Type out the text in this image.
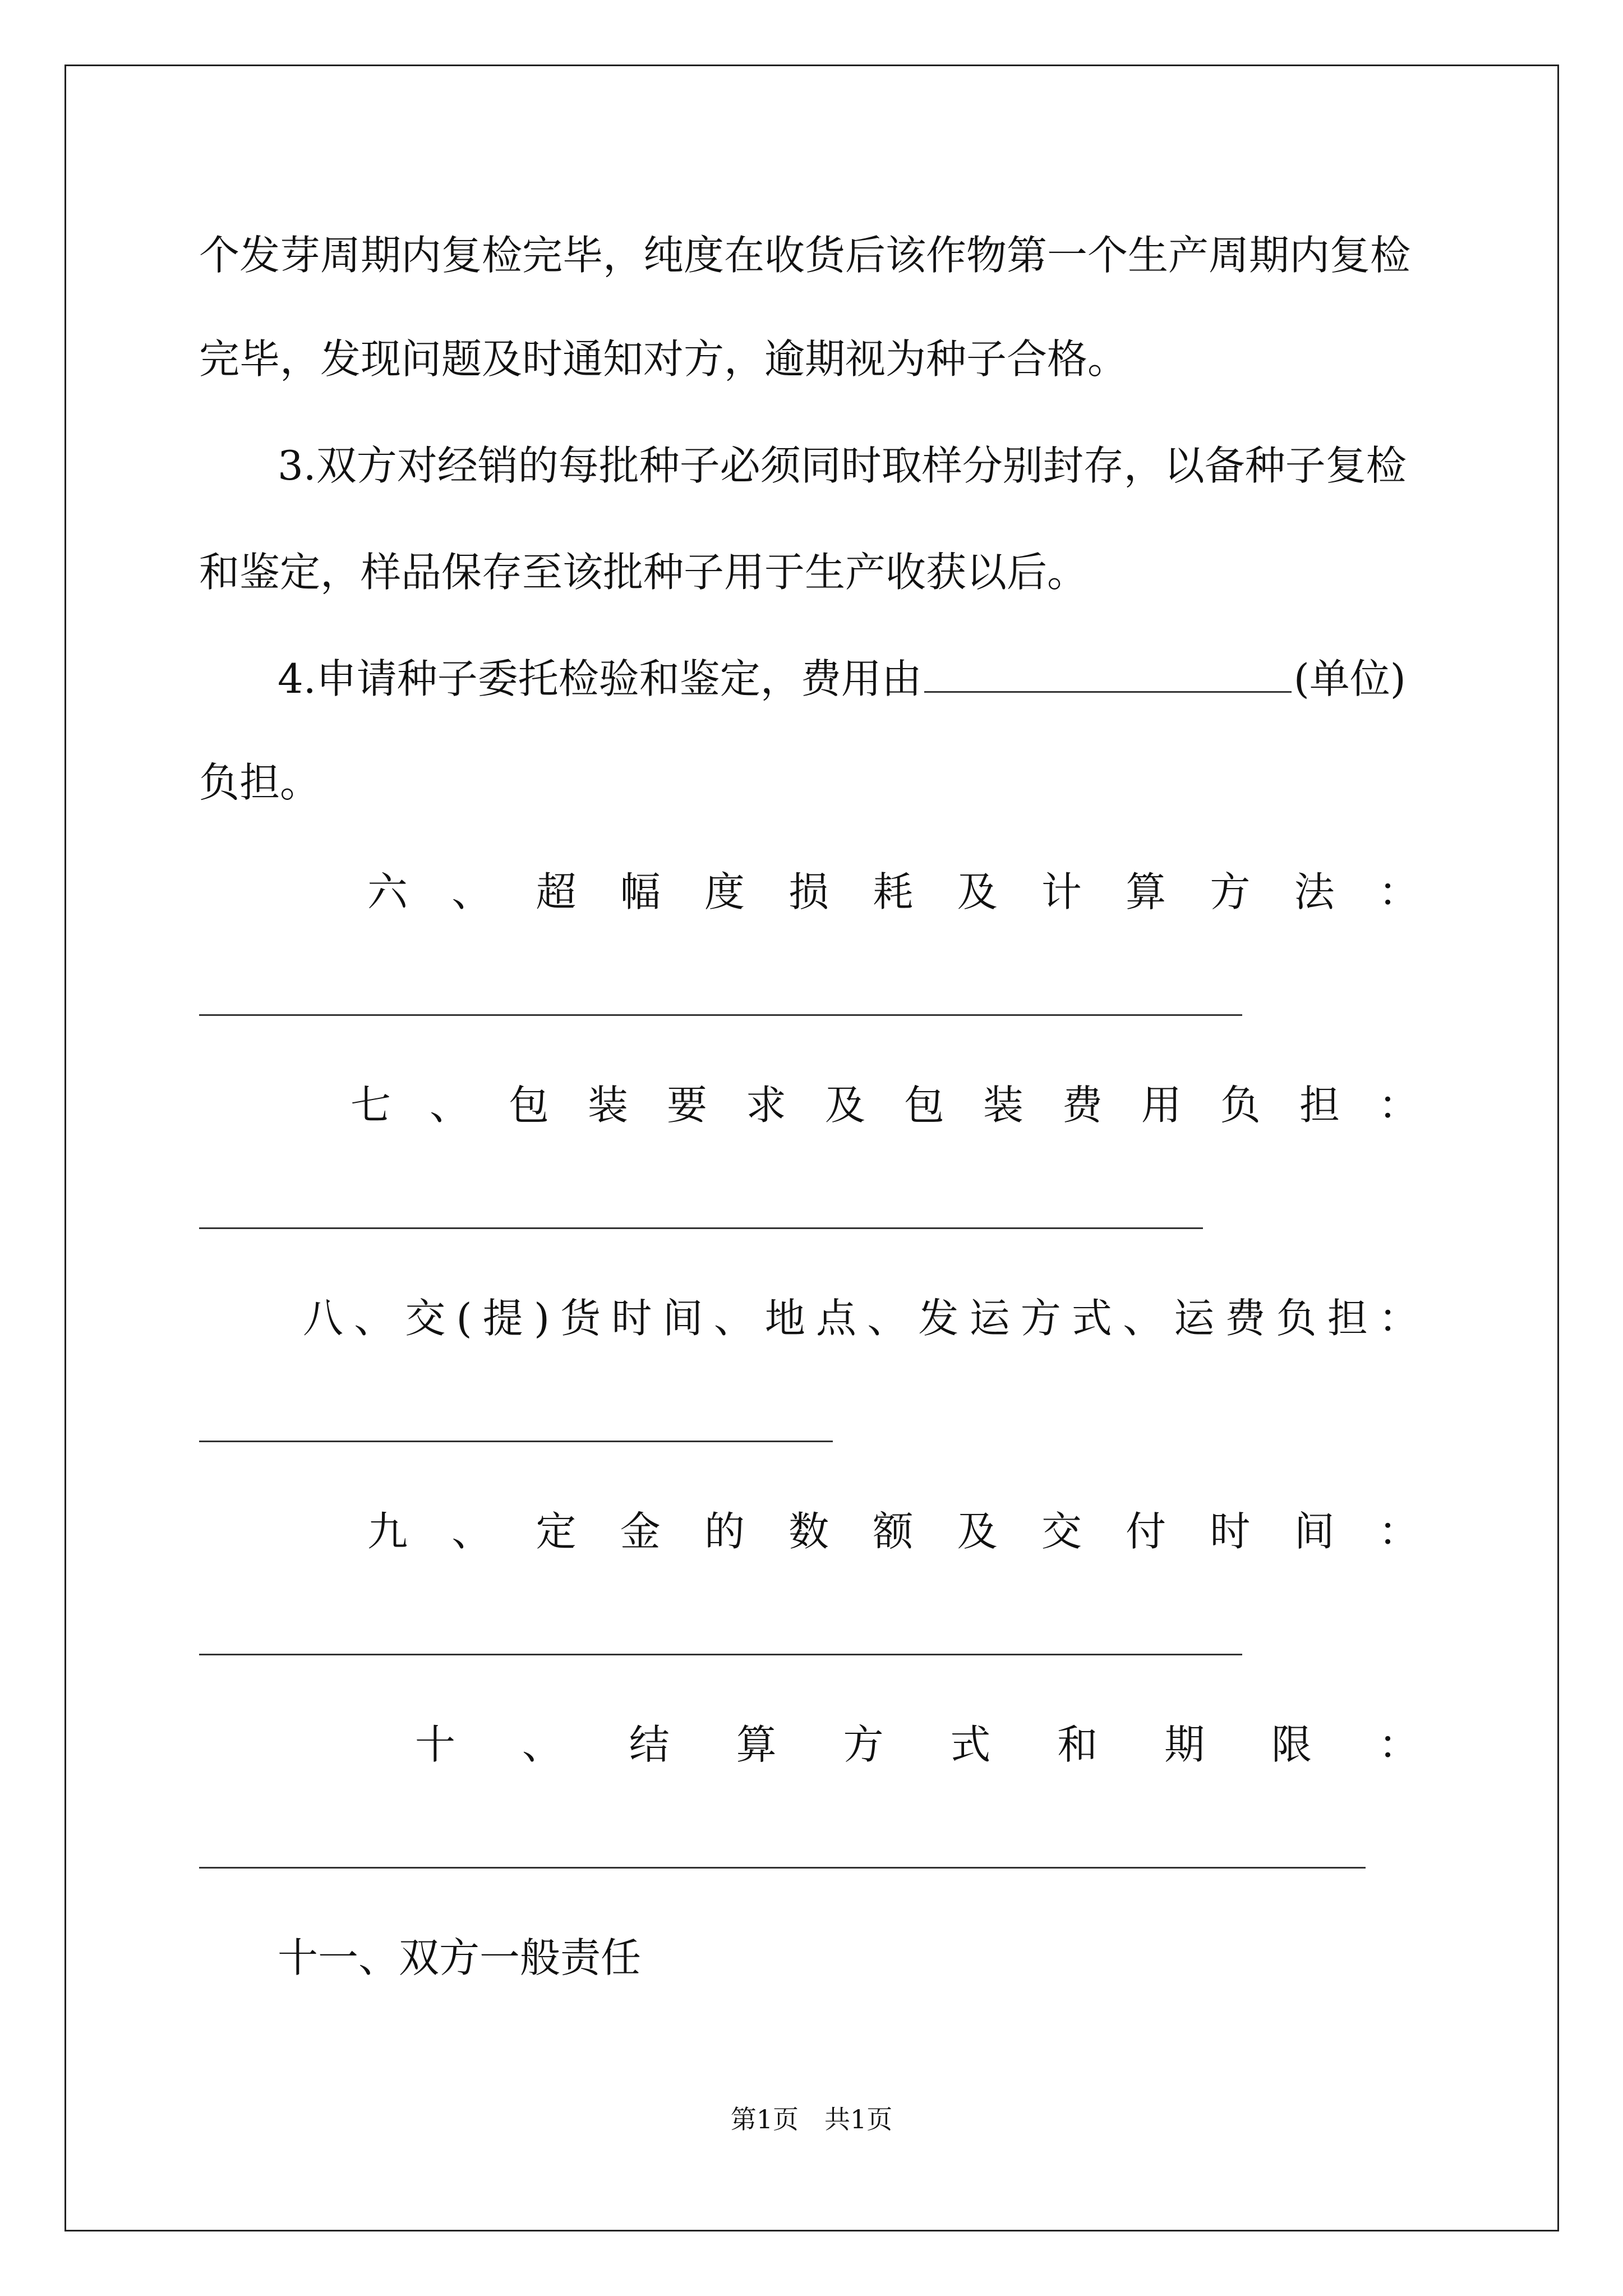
个发芽周期内复检完毕，纯度在收货后该作物第一个生产周期内复检
完毕，发现问题及时通知对方，逾期视为种子合格。
3.双方对经销的每批种子必须同时取样分别封存，以备种子复检
和鉴定，样品保存至该批种子用于生产收获以后。
4.申请种子委托检验和鉴定，费用由	(单位)
负担。
六 、 超 幅 度 损 耗 及 计 算 方 法 ：
七 、 包 装 要 求 及 包 装 费 用 负 担 ：
八 、 交 ( 提 ) 货 时 间 、 地 点 、 发 运 方 式 、 运 费 负 担 ：
九 、 定 金 的 数 额 及 交 付 时 间 ：
十 、 结 算 方 式 和 期 限 ：
十一、双方一般责任
第1页　共1页
